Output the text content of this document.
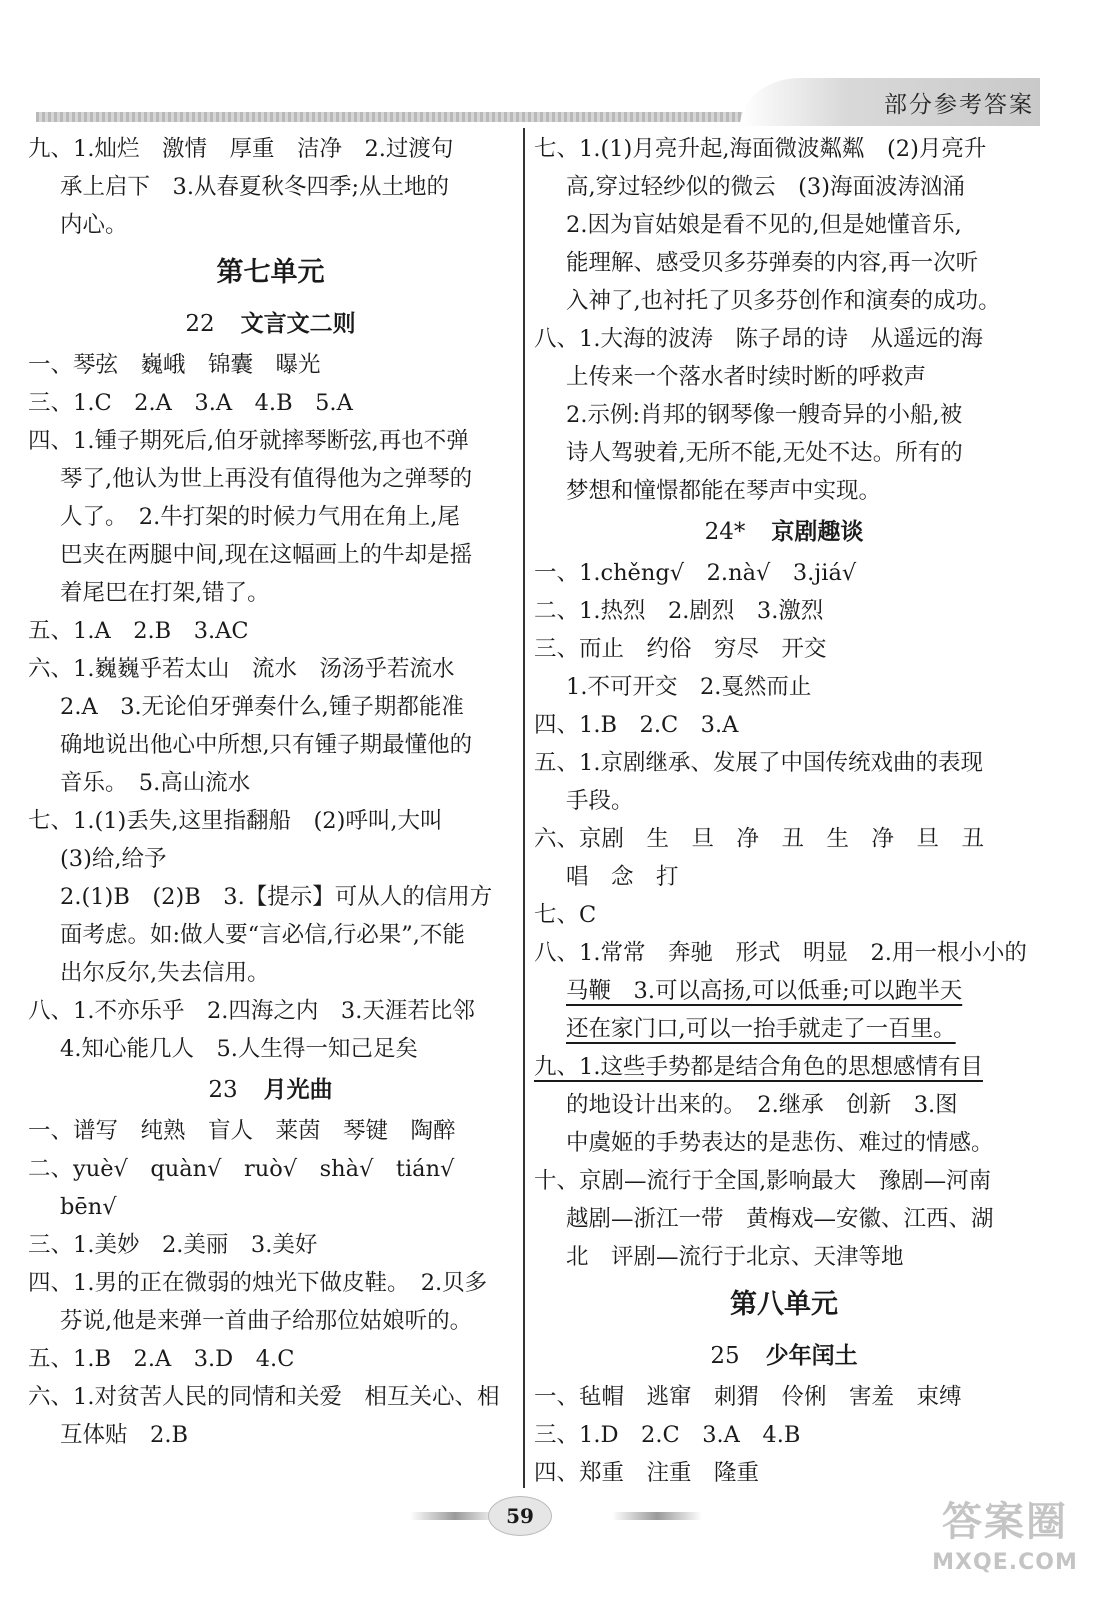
部分参考答案
九、1.灿烂　激情　厚重　洁净　2.过渡句
承上启下　3.从春夏秋冬四季;从土地的
内心。
第七单元
22 文言文二则
一、琴弦　巍峨　锦囊　曝光
三、1.C　2.A　3.A　4.B　5.A
四、1.锺子期死后,伯牙就摔琴断弦,再也不弹
琴了,他认为世上再没有值得他为之弹琴的
人了。　2.牛打架的时候力气用在角上,尾
巴夹在两腿中间,现在这幅画上的牛却是摇
着尾巴在打架,错了。
五、1.A　2.B　3.AC
六、1.巍巍乎若太山　流水　汤汤乎若流水
2.A　3.无论伯牙弹奏什么,锺子期都能准
确地说出他心中所想,只有锺子期最懂他的
音乐。　5.高山流水
七、1.(1)丢失,这里指翻船　(2)呼叫,大叫
(3)给,给予
2.(1)B　(2)B　3.【提示】可从人的信用方
面考虑。如:做人要“言必信,行必果”,不能
出尔反尔,失去信用。
八、1.不亦乐乎　2.四海之内　3.天涯若比邻
4.知心能几人　5.人生得一知己足矣
23 月光曲
一、谱写　纯熟　盲人　莱茵　琴键　陶醉
二、yuè√　quàn√　ruò√　shà√　tián√
bēn√
三、1.美妙　2.美丽　3.美好
四、1.男的正在微弱的烛光下做皮鞋。　2.贝多
芬说,他是来弹一首曲子给那位姑娘听的。
五、1.B　2.A　3.D　4.C
六、1.对贫苦人民的同情和关爱　相互关心、相
互体贴　2.B
七、1.(1)月亮升起,海面微波粼粼　(2)月亮升
高,穿过轻纱似的微云　(3)海面波涛汹涌
2.因为盲姑娘是看不见的,但是她懂音乐,
能理解、感受贝多芬弹奏的内容,再一次听
入神了,也衬托了贝多芬创作和演奏的成功。
八、1.大海的波涛　陈子昂的诗　从遥远的海
上传来一个落水者时续时断的呼救声
2.示例:肖邦的钢琴像一艘奇异的小船,被
诗人驾驶着,无所不能,无处不达。所有的
梦想和憧憬都能在琴声中实现。
24* 京剧趣谈
一、1.chěng√　2.nà√　3.jiá√
二、1.热烈　2.剧烈　3.激烈
三、而止　约俗　穷尽　开交
1.不可开交　2.戛然而止
四、1.B　2.C　3.A
五、1.京剧继承、发展了中国传统戏曲的表现
手段。
六、京剧　生　旦　净　丑　生　净　旦　丑
唱　念　打
七、C
八、1.常常　奔驰　形式　明显　2.用一根小小的
马鞭　3.可以高扬,可以低垂;可以跑半天
还在家门口,可以一抬手就走了一百里。
九、1.这些手势都是结合角色的思想感情有目
的地设计出来的。　2.继承　创新　3.图
中虞姬的手势表达的是悲伤、难过的情感。
十、京剧—流行于全国,影响最大　豫剧—河南
越剧—浙江一带　黄梅戏—安徽、江西、湖
北　评剧—流行于北京、天津等地
第八单元
25 少年闰土
一、毡帽　逃窜　刺猬　伶俐　害羞　束缚
三、1.D　2.C　3.A　4.B
四、郑重　注重　隆重
59	答案圈
MXQE.COM
